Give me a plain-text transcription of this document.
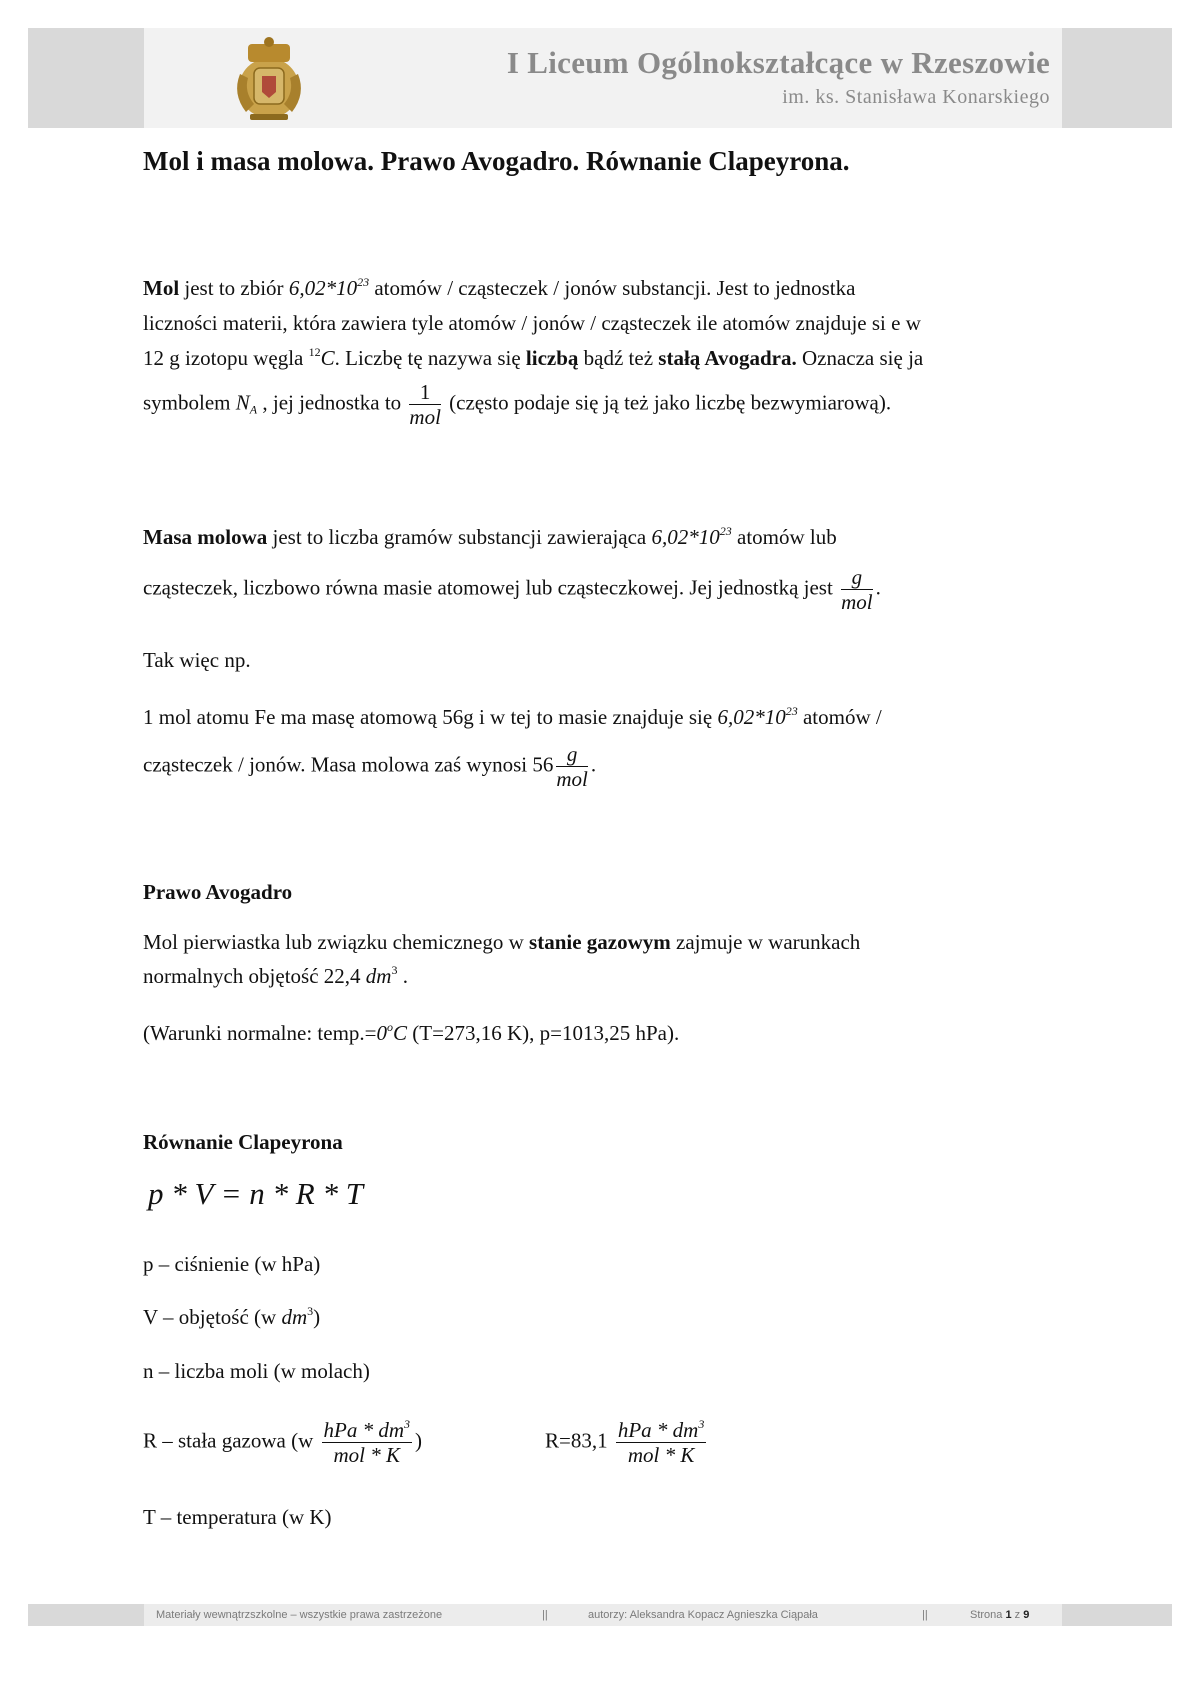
I Liceum Ogólnokształcące w Rzeszowie
im. ks. Stanisława Konarskiego
Mol i masa molowa. Prawo Avogadro. Równanie Clapeyrona.
Mol jest to zbiór $6,02*10^{23}$ atomów / cząsteczek / jonów substancji. Jest to jednostka
liczności materii, która zawiera tyle atomów / jonów / cząsteczek ile atomów znajduje si e w
12 g izotopu węgla $^{12}$C. Liczbę tę nazywa się liczbą bądź też stałą Avogadra. Oznacza się ja
symbolem $N_A$ , jej jednostka to $\frac{1}{\text{mol}}$ (często podaje się ją też jako liczbę bezwymiarową).
Masa molowa jest to liczba gramów substancji zawierająca $6,02*10^{23}$ atomów lub
cząsteczek, liczbowo równa masie atomowej lub cząsteczkowej. Jej jednostką jest $\frac{g}{\text{mol}}$ .
Tak więc np.
1 mol atomu Fe ma masę atomową 56g i w tej to masie znajduje się $6,02*10^{23}$ atomów /
cząsteczek / jonów. Masa molowa zaś wynosi $56 \frac{g}{\text{mol}}$ .
Prawo Avogadro
Mol pierwiastka lub związku chemicznego w stanie gazowym zajmuje w warunkach
normalnych objętość 22,4 $dm^3$ .
(Warunki normalne: $temp.=0^oC$ (T=273,16 K), p=1013,25 hPa).
Równanie Clapeyrona
p * V = n * R * T
p – ciśnienie (w hPa)
V – objętość (w $dm^3$)
n – liczba moli (w molach)
R – stała gazowa ($w \frac{hPa * dm^3}{\text{mol * K}}$ )	$R=83,1 \frac{hPa * dm^3}{\text{mol * K}}$
T – temperatura (w K)
Materiały wewnątrzszkolne – wszystkie prawa zastrzeżone	||	autorzy: Aleksandra Kopacz Agnieszka Ciąpała	||	Strona 1 z 9
